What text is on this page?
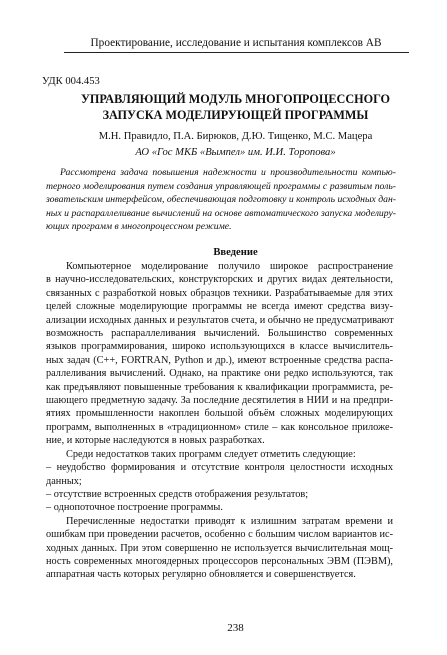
Проектирование, исследование и испытания комплексов АВ
УДК 004.453
УПРАВЛЯЮЩИЙ МОДУЛЬ МНОГОПРОЦЕССНОГО
ЗАПУСКА МОДЕЛИРУЮЩЕЙ ПРОГРАММЫ
М.Н. Правидло, П.А. Бирюков, Д.Ю. Тищенко, М.С. Мацера
АО «Гос МКБ «Вымпел» им. И.И. Торопова»
Рассмотрена задача повышения надежности и производительности компью-
терного моделирования путем создания управляющей программы с развитым поль-
зовательским интерфейсом, обеспечивающая подготовку и контроль исходных дан-
ных и распараллеливание вычислений на основе автоматического запуска моделиру-
ющих программ в многопроцессном режиме.
Введение
Компьютерное моделирование получило широкое распространение
в научно-исследовательских, конструкторских и других видах деятельности,
связанных с разработкой новых образцов техники. Разрабатываемые для этих
целей сложные моделирующие программы не всегда имеют средства визу-
ализации исходных данных и результатов счета, и обычно не предусматривают
возможность распараллеливания вычислений. Большинство современных
языков программирования, широко использующихся в классе вычислитель-
ных задач (С++, FORTRAN, Python и др.), имеют встроенные средства распа-
раллеливания вычислений. Однако, на практике они редко используются, так
как предъявляют повышенные требования к квалификации программиста, ре-
шающего предметную задачу. За последние десятилетия в НИИ и на предпри-
ятиях промышленности накоплен большой объём сложных моделирующих
программ, выполненных в «традиционном» стиле – как консольное приложе-
ние, и которые наследуются в новых разработках.
Среди недостатков таких программ следует отметить следующие:
– неудобство формирования и отсутствие контроля целостности исходных
данных;
– отсутствие встроенных средств отображения результатов;
– однопоточное построение программы.
Перечисленные недостатки приводят к излишним затратам времени и
ошибкам при проведении расчетов, особенно с большим числом вариантов ис-
ходных данных. При этом совершенно не используется вычислительная мощ-
ность современных многоядерных процессоров персональных ЭВМ (ПЭВМ),
аппаратная часть которых регулярно обновляется и совершенствуется.
238
